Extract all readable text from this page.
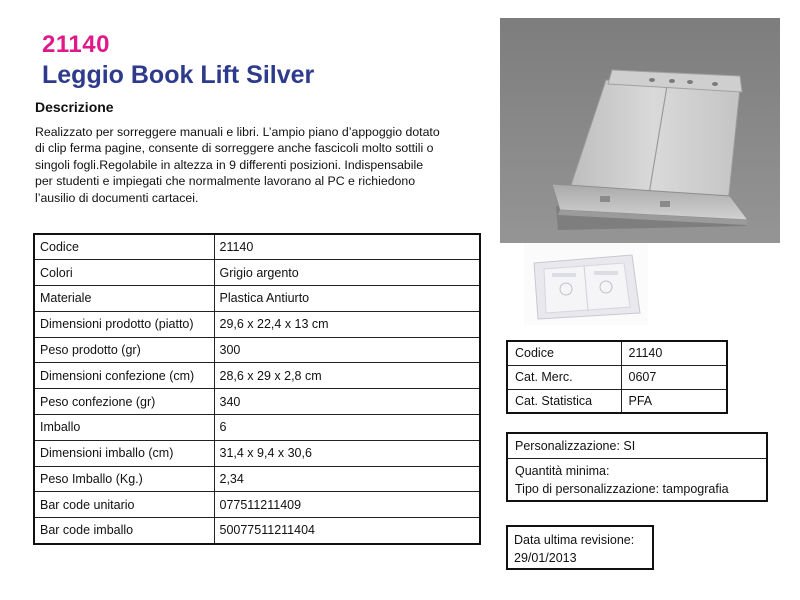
21140
Leggio Book Lift Silver
Descrizione
Realizzato per sorreggere manuali e libri. L’ampio piano d’appoggio dotato
di clip ferma pagine, consente di sorreggere anche fascicoli molto sottili o
singoli fogli.Regolabile in altezza in 9 differenti posizioni. Indispensabile
per studenti e impiegati che normalmente lavorano al PC e richiedono
l’ausilio di documenti cartacei.
Codice	21140
Colori	Grigio argento
Materiale	Plastica Antiurto
Dimensioni prodotto (piatto)	29,6 x 22,4 x 13 cm
Peso prodotto (gr)	300
Dimensioni confezione (cm)	28,6 x 29 x 2,8 cm
Peso confezione (gr)	340
Imballo	6
Dimensioni imballo (cm)	31,4 x 9,4 x 30,6
Peso Imballo (Kg.)	2,34
Bar code unitario	077511211409
Bar code imballo	50077511211404
Codice	21140
Cat. Merc.	0607
Cat. Statistica	PFA
Personalizzazione: SI
Quantità minima:
Tipo di personalizzazione: tampografia
Data ultima revisione:
29/01/2013
